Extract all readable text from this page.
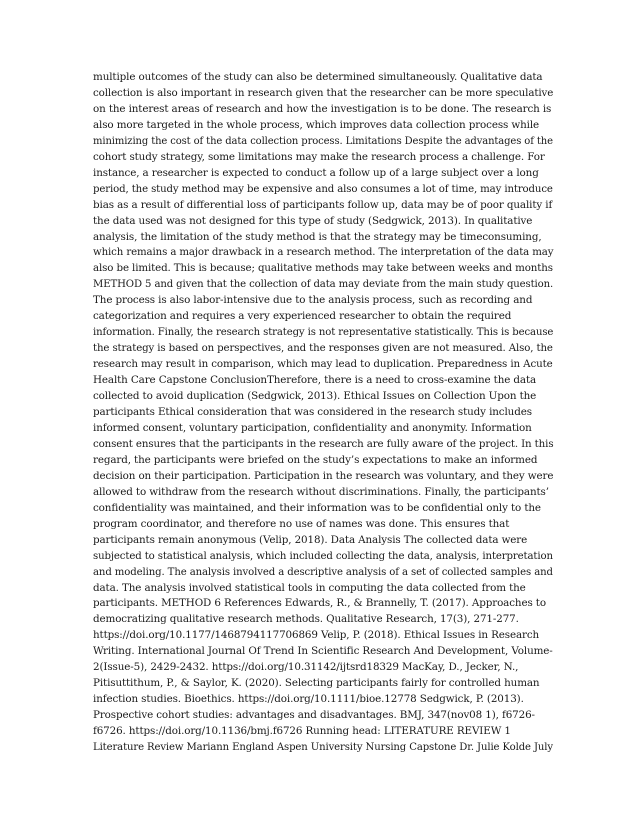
multiple outcomes of the study can also be determined simultaneously. Qualitative data
collection is also important in research given that the researcher can be more speculative
on the interest areas of research and how the investigation is to be done. The research is
also more targeted in the whole process, which improves data collection process while
minimizing the cost of the data collection process. Limitations Despite the advantages of the
cohort study strategy, some limitations may make the research process a challenge. For
instance, a researcher is expected to conduct a follow up of a large subject over a long
period, the study method may be expensive and also consumes a lot of time, may introduce
bias as a result of differential loss of participants follow up, data may be of poor quality if
the data used was not designed for this type of study (Sedgwick, 2013). In qualitative
analysis, the limitation of the study method is that the strategy may be timeconsuming,
which remains a major drawback in a research method. The interpretation of the data may
also be limited. This is because; qualitative methods may take between weeks and months
METHOD 5 and given that the collection of data may deviate from the main study question.
The process is also labor-intensive due to the analysis process, such as recording and
categorization and requires a very experienced researcher to obtain the required
information. Finally, the research strategy is not representative statistically. This is because
the strategy is based on perspectives, and the responses given are not measured. Also, the
research may result in comparison, which may lead to duplication. Preparedness in Acute
Health Care Capstone ConclusionTherefore, there is a need to cross-examine the data
collected to avoid duplication (Sedgwick, 2013). Ethical Issues on Collection Upon the
participants Ethical consideration that was considered in the research study includes
informed consent, voluntary participation, confidentiality and anonymity. Information
consent ensures that the participants in the research are fully aware of the project. In this
regard, the participants were briefed on the study’s expectations to make an informed
decision on their participation. Participation in the research was voluntary, and they were
allowed to withdraw from the research without discriminations. Finally, the participants’
confidentiality was maintained, and their information was to be confidential only to the
program coordinator, and therefore no use of names was done. This ensures that
participants remain anonymous (Velip, 2018). Data Analysis The collected data were
subjected to statistical analysis, which included collecting the data, analysis, interpretation
and modeling. The analysis involved a descriptive analysis of a set of collected samples and
data. The analysis involved statistical tools in computing the data collected from the
participants. METHOD 6 References Edwards, R., & Brannelly, T. (2017). Approaches to
democratizing qualitative research methods. Qualitative Research, 17(3), 271-277.
https://doi.org/10.1177/1468794117706869 Velip, P. (2018). Ethical Issues in Research
Writing. International Journal Of Trend In Scientific Research And Development, Volume-
2(Issue-5), 2429-2432. https://doi.org/10.31142/ijtsrd18329 MacKay, D., Jecker, N.,
Pitisuttithum, P., & Saylor, K. (2020). Selecting participants fairly for controlled human
infection studies. Bioethics. https://doi.org/10.1111/bioe.12778 Sedgwick, P. (2013).
Prospective cohort studies: advantages and disadvantages. BMJ, 347(nov08 1), f6726-
f6726. https://doi.org/10.1136/bmj.f6726 Running head: LITERATURE REVIEW 1
Literature Review Mariann England Aspen University Nursing Capstone Dr. Julie Kolde July
